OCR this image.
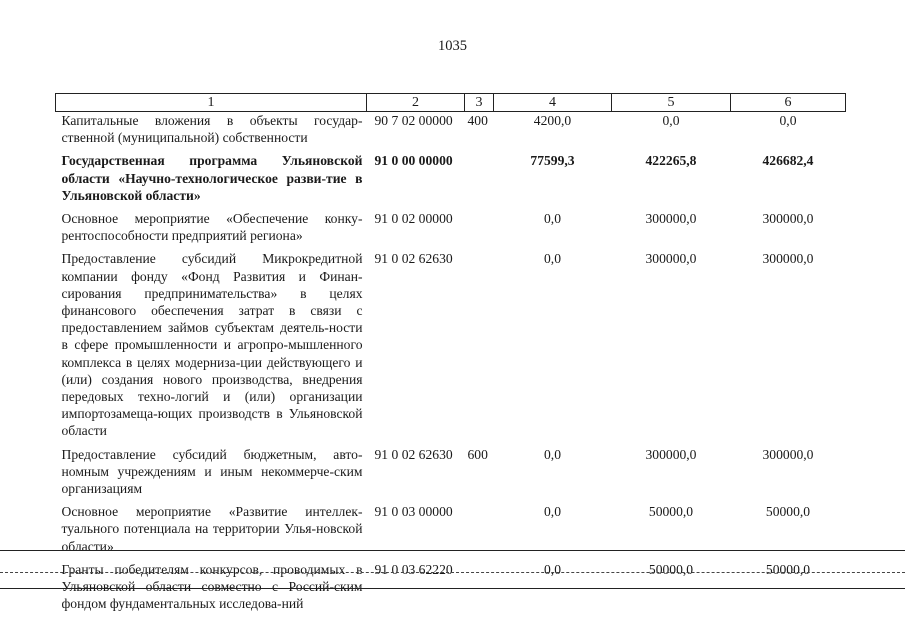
1035
1	2	3	4	5	6
Капитальные вложения в объекты государ-ственной (муниципальной) собственности	90 7 02 00000	400	4200,0	0,0	0,0
Государственная программа Ульяновской области «Научно-технологическое разви-тие в Ульяновской области»	91 0 00 00000		77599,3	422265,8	426682,4
Основное мероприятие «Обеспечение конку-рентоспособности предприятий региона»	91 0 02 00000		0,0	300000,0	300000,0
Предоставление субсидий Микрокредитной компании фонду «Фонд Развития и Финан-сирования предпринимательства» в целях финансового обеспечения затрат в связи с предоставлением займов субъектам деятель-ности в сфере промышленности и агропро-мышленного комплекса в целях модерниза-ции действующего и (или) создания нового производства, внедрения передовых техно-логий и (или) организации импортозамеща-ющих производств в Ульяновской области	91 0 02 62630		0,0	300000,0	300000,0
Предоставление субсидий бюджетным, авто-номным учреждениям и иным некоммерче-ским организациям	91 0 02 62630	600	0,0	300000,0	300000,0
Основное мероприятие «Развитие интеллек-туального потенциала на территории Улья-новской области»	91 0 03 00000		0,0	50000,0	50000,0
Гранты победителям конкурсов, проводимых в Ульяновской области совместно с Россий-ским фондом фундаментальных исследова-ний	91 0 03 62220		0,0	50000,0	50000,0
